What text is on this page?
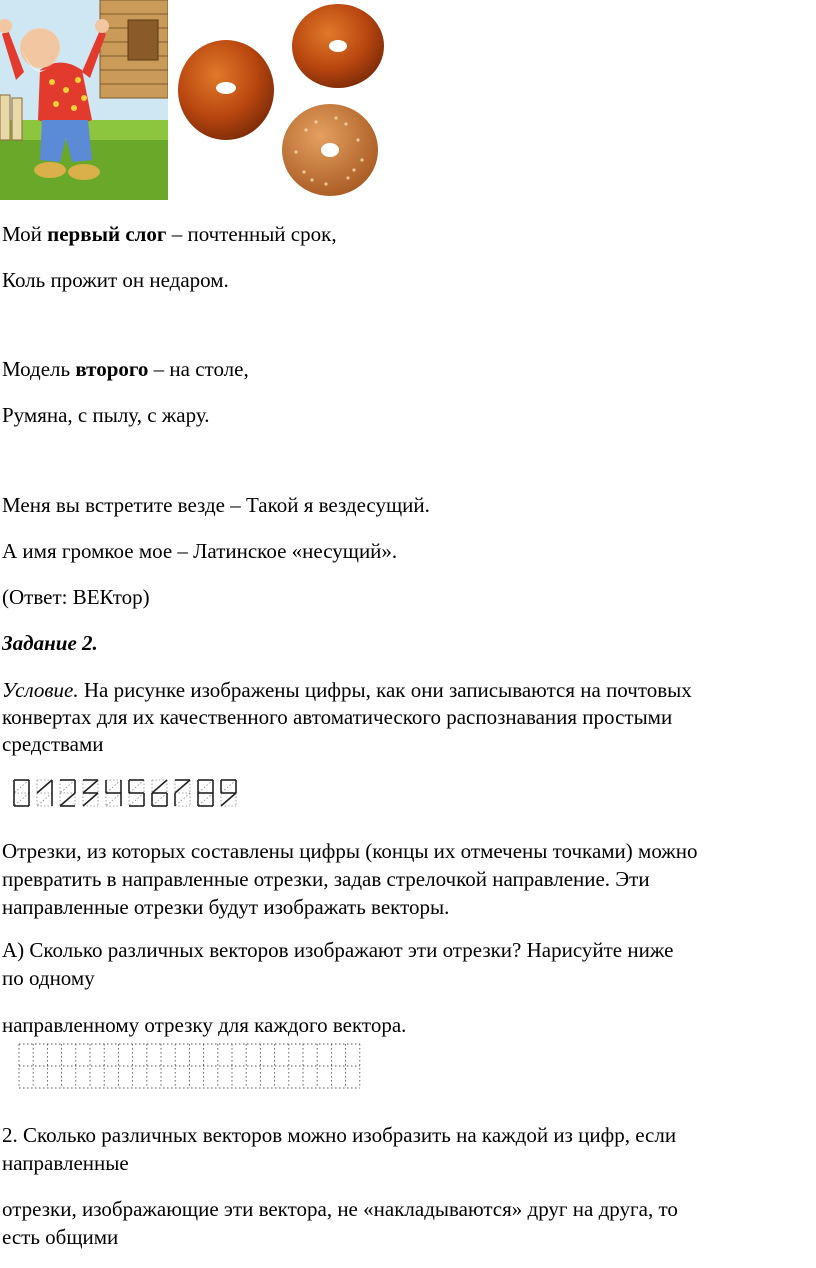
Мой первый слог – почтенный срок,
Коль прожит он недаром.
Модель второго – на столе,
Румяна, с пылу, с жару.
Меня вы встретите везде – Такой я вездесущий.
А имя громкое мое – Латинское «несущий».
(Ответ: ВЕКтор)
Задание 2.
Условие. На рисунке изображены цифры, как они записываются на почтовых
конвертах для их качественного автоматического распознавания простыми
средствами
Отрезки, из которых составлены цифры (концы их отмечены точками) можно
превратить в направленные отрезки, задав стрелочкой направление. Эти
направленные отрезки будут изображать векторы.
А) Сколько различных векторов изображают эти отрезки? Нарисуйте ниже
по одному
направленному отрезку для каждого вектора.
2. Сколько различных векторов можно изобразить на каждой из цифр, если
направленные
отрезки, изображающие эти вектора, не «накладываются» друг на друга, то
есть общими
